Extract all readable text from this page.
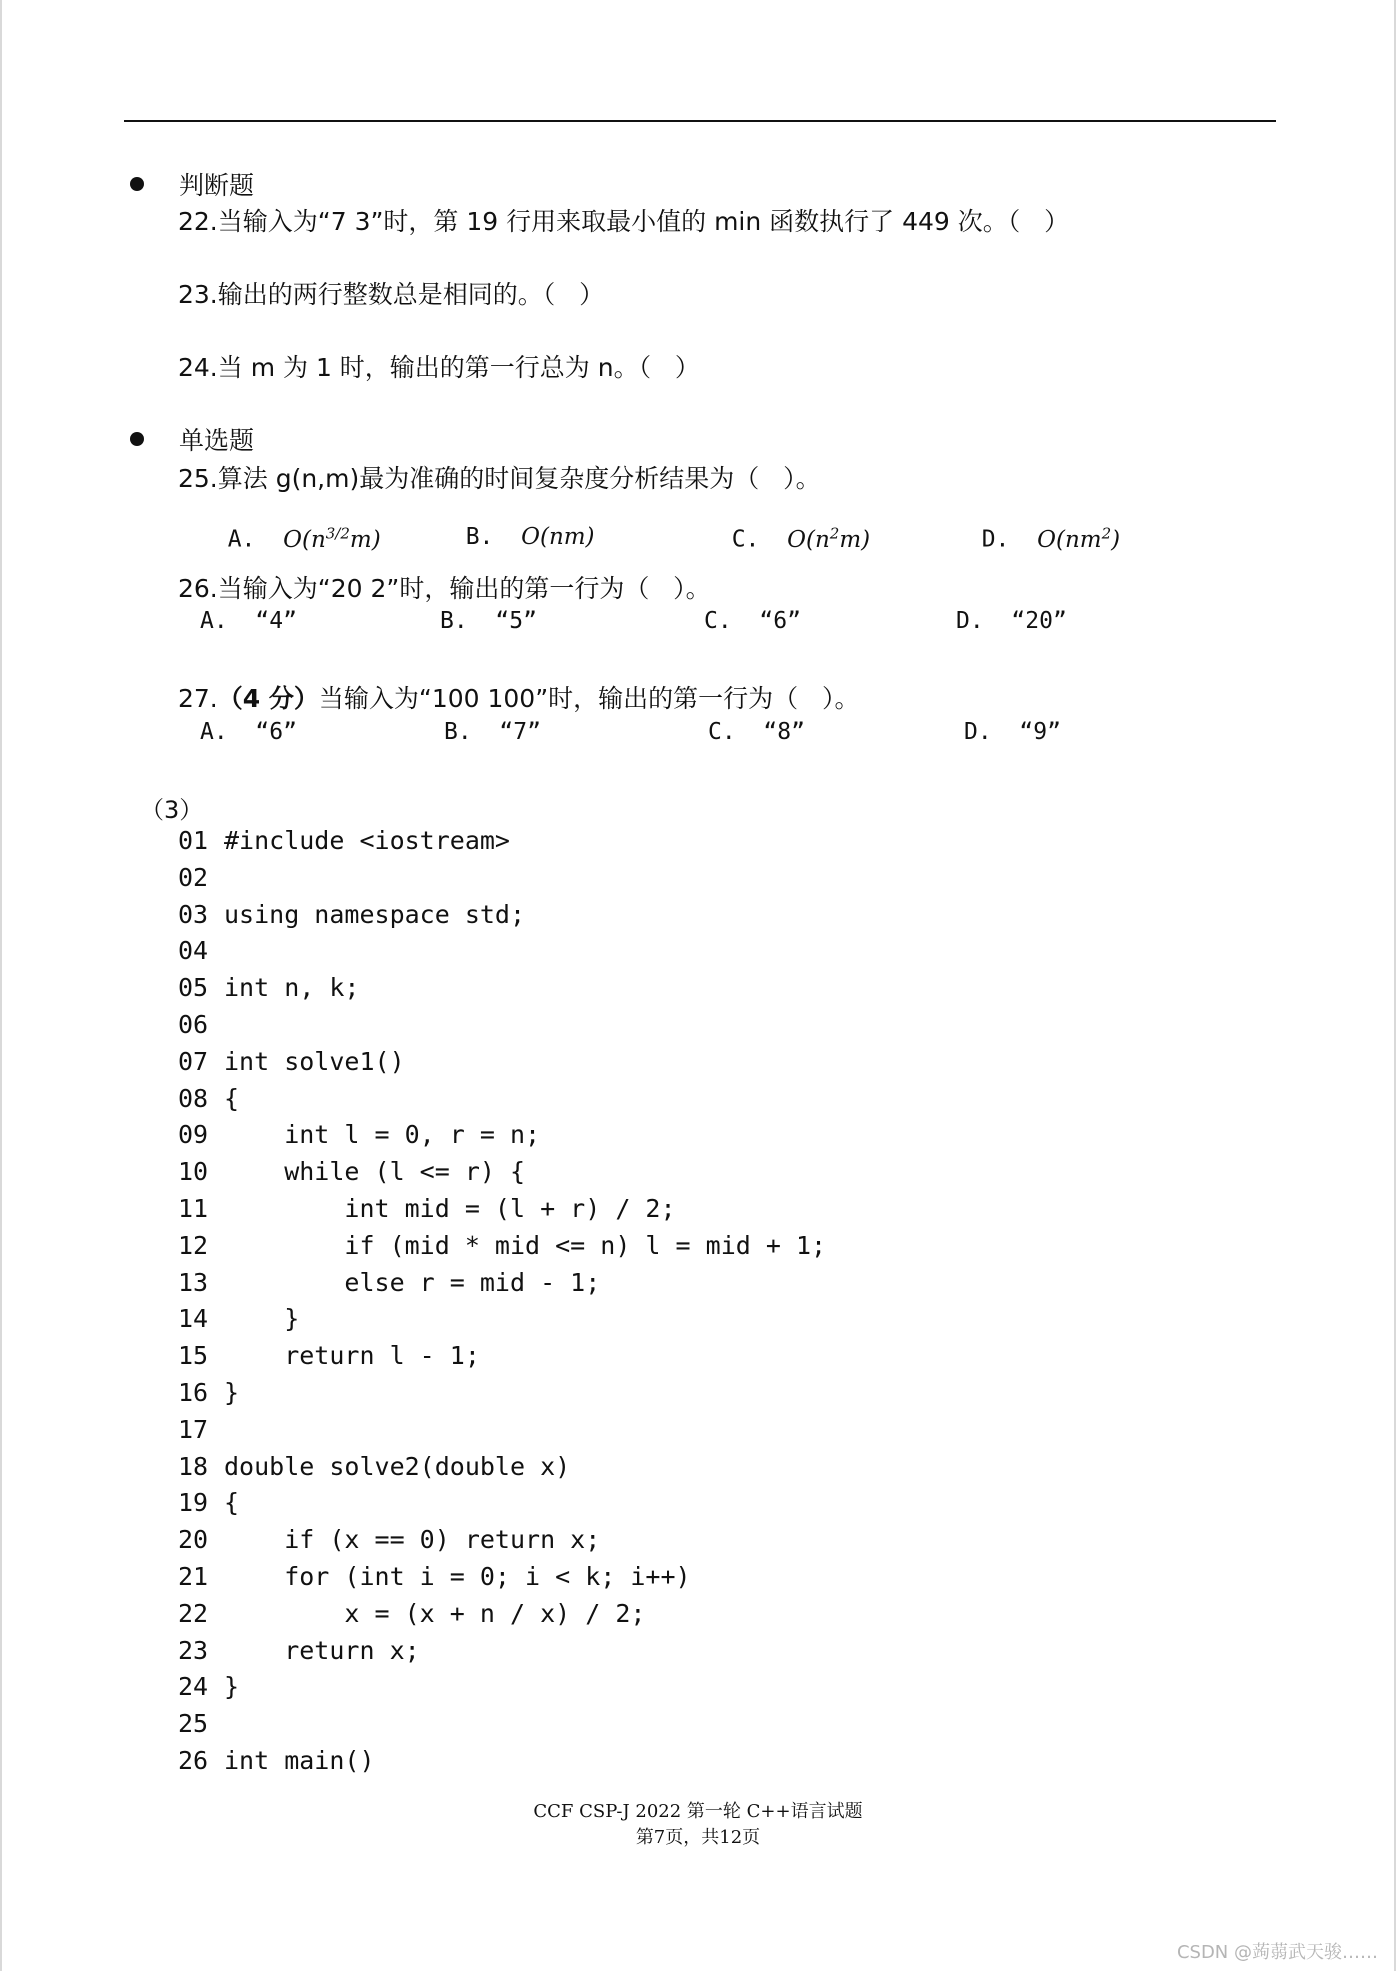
判断题
22.当输入为“7 3”时，第 19 行用来取最小值的 min 函数执行了 449 次。（   ）
23.输出的两行整数总是相同的。（   ）
24.当 m 为 1 时，输出的第一行总为 n。（   ）
单选题
25.算法 g(n,m)最为准确的时间复杂度分析结果为（   ）。

A. $O(n^{3/2}m)$	B. O(nm)	C. $O(n^2m)$	D. $O(nm^2)$

26.当输入为“20 2”时，输出的第一行为（   ）。
A. “4”	B. “5”	C. “6”	D. “20”
27.（4 分）当输入为“100 100”时，输出的第一行为（   ）。
A. “6”	B. “7”	C. “8”	D. “9”
（3）
01 #include <iostream>
02
03 using namespace std;
04
05 int n, k;
06
07 int solve1()
08 {
09    int l = 0, r = n;
10    while (l <= r) {
11        int mid = (l + r) / 2;
12        if (mid * mid <= n) l = mid + 1;
13        else r = mid - 1;
14    }
15    return l - 1;
16 }
17
18 double solve2(double x)
19 {
20    if (x == 0) return x;
21    for (int i = 0; i < k; i++)
22        x = (x + n / x) / 2;
23    return x;
24 }
25
26 int main()
CCF CSP-J 2022 第一轮 C++语言试题
第7页，共12页
CSDN @蒟蒻武天骏……
